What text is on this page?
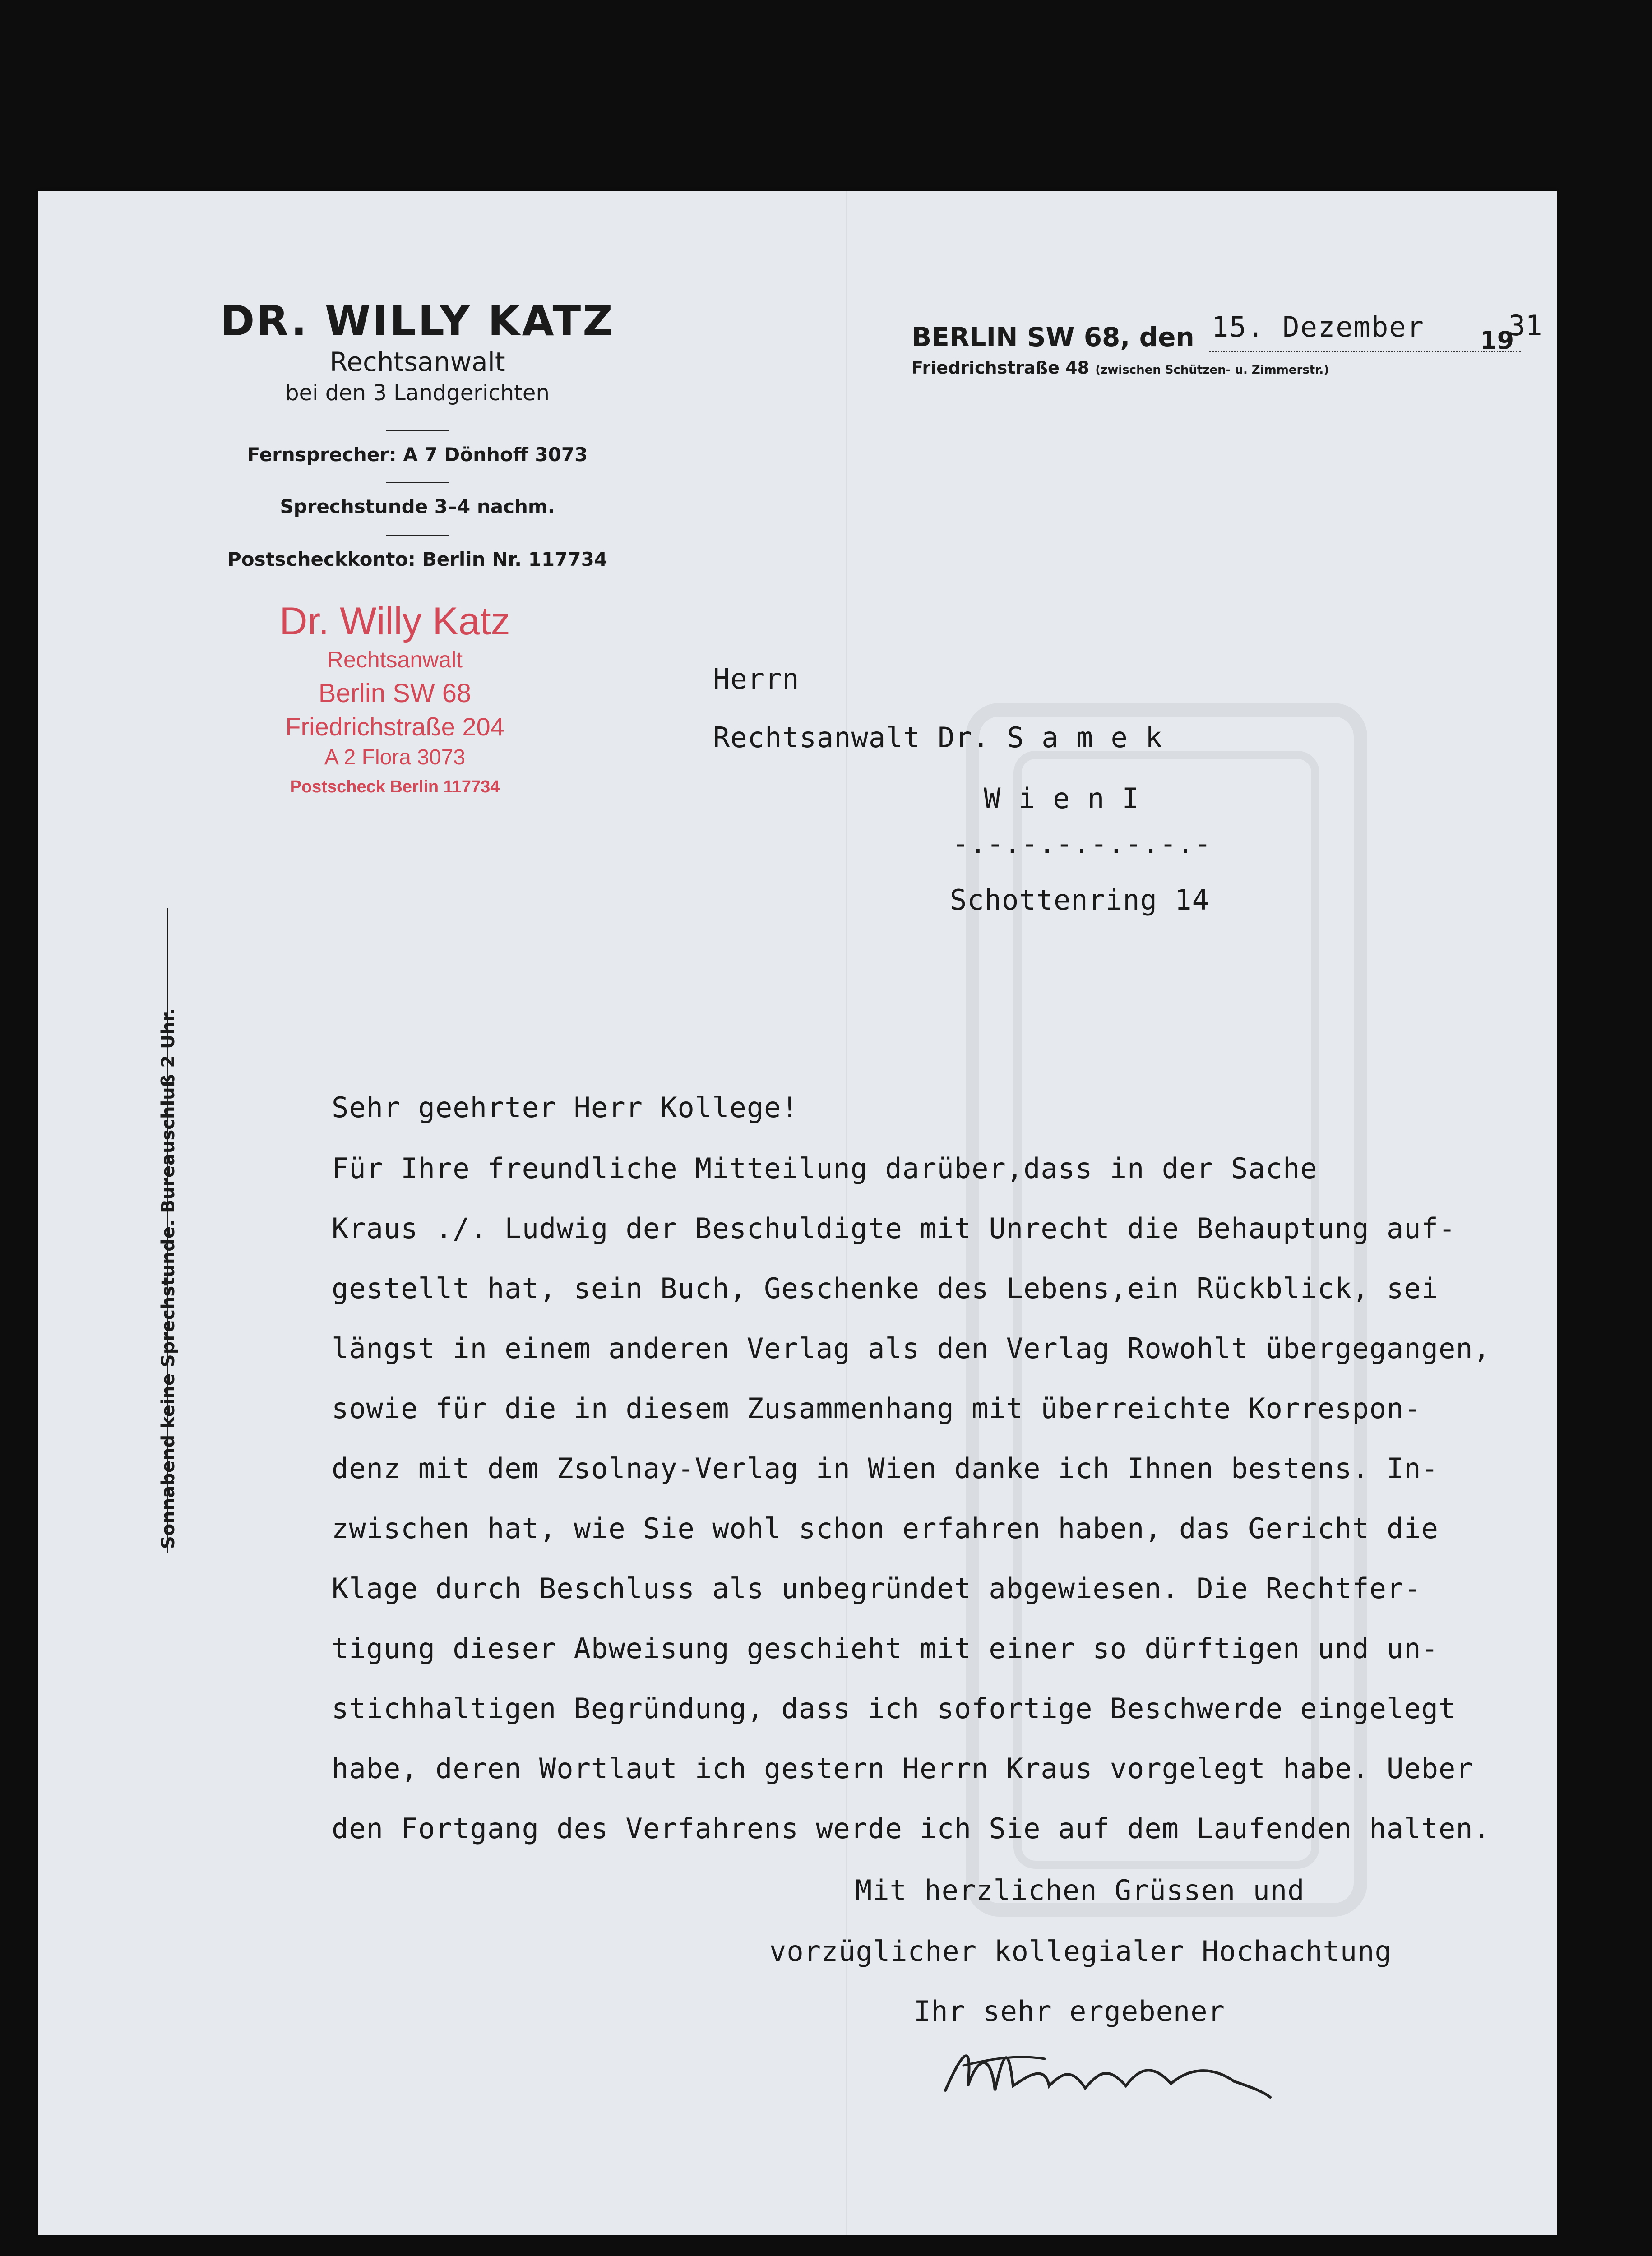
DR. WILLY KATZ
Rechtsanwalt
bei den 3 Landgerichten
Fernsprecher: A 7 Dönhoff 3073
Sprechstunde 3–4 nachm.
Postscheckkonto: Berlin Nr. 117734
BERLIN SW 68, den
Friedrichstraße 48 (zwischen Schützen- u. Zimmerstr.)
15. Dezember 19
31
Sonnabend keine Sprechstunde. Bureauschluß 2 Uhr.
Dr. Willy Katz
Rechtsanwalt
Berlin SW 68
Friedrichstraße 204
A 2 Flora 3073
Postscheck Berlin 117734
Herrn
Rechtsanwalt Dr. S a m e k
W i e n I
-.-.-.-.-.-.-.-
Schottenring 14
Sehr geehrter Herr Kollege!
Für Ihre freundliche Mitteilung darüber,dass in der Sache
Kraus ./. Ludwig der Beschuldigte mit Unrecht die Behauptung auf-
gestellt hat, sein Buch, Geschenke des Lebens,ein Rückblick, sei
längst in einem anderen Verlag als den Verlag Rowohlt übergegangen,
sowie für die in diesem Zusammenhang mit überreichte Korrespon-
denz mit dem Zsolnay-Verlag in Wien danke ich Ihnen bestens. In-
zwischen hat, wie Sie wohl schon erfahren haben, das Gericht die
Klage durch Beschluss als unbegründet abgewiesen. Die Rechtfer-
tigung dieser Abweisung geschieht mit einer so dürftigen und un-
stichhaltigen Begründung, dass ich sofortige Beschwerde eingelegt
habe, deren Wortlaut ich gestern Herrn Kraus vorgelegt habe. Ueber
den Fortgang des Verfahrens werde ich Sie auf dem Laufenden halten.
Mit herzlichen Grüssen und
vorzüglicher kollegialer Hochachtung
Ihr sehr ergebener
